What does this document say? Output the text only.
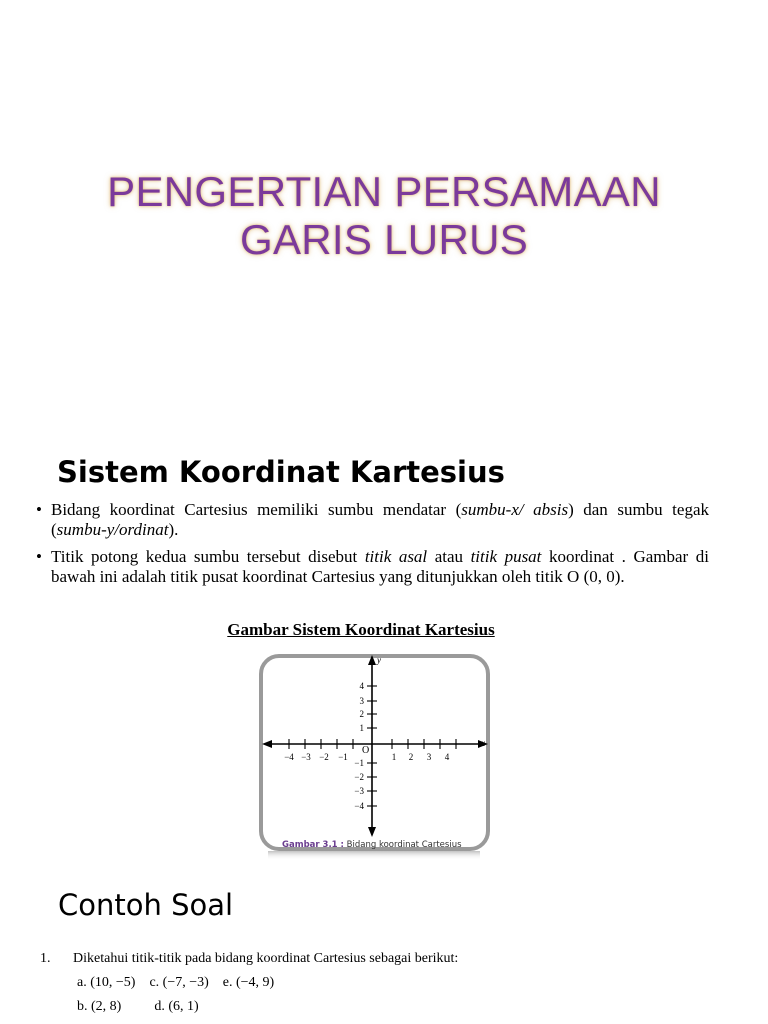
PENGERTIAN PERSAMAAN
GARIS LURUS
Sistem Koordinat Kartesius
• Bidang koordinat Cartesius memiliki sumbu mendatar (sumbu-x/ absis) dan sumbu tegak (sumbu-y/ordinat).
• Titik potong kedua sumbu tersebut disebut titik asal atau titik pusat koordinat . Gambar di bawah ini adalah titik pusat koordinat Cartesius yang ditunjukkan oleh titik O (0, 0).
Gambar Sistem Koordinat Kartesius
x
y
O
−4 −3 −2 −1	1 2 3 4
4
3
2
1
−1
−2
−3
−4
Gambar 3.1 : Bidang koordinat Cartesius
Contoh Soal
1.	Diketahui titik-titik pada bidang koordinat Cartesius sebagai berikut:
a. (10, −5) c. (−7, −3) e. (−4, 9)
b. (2, 8) d. (6, 1)
